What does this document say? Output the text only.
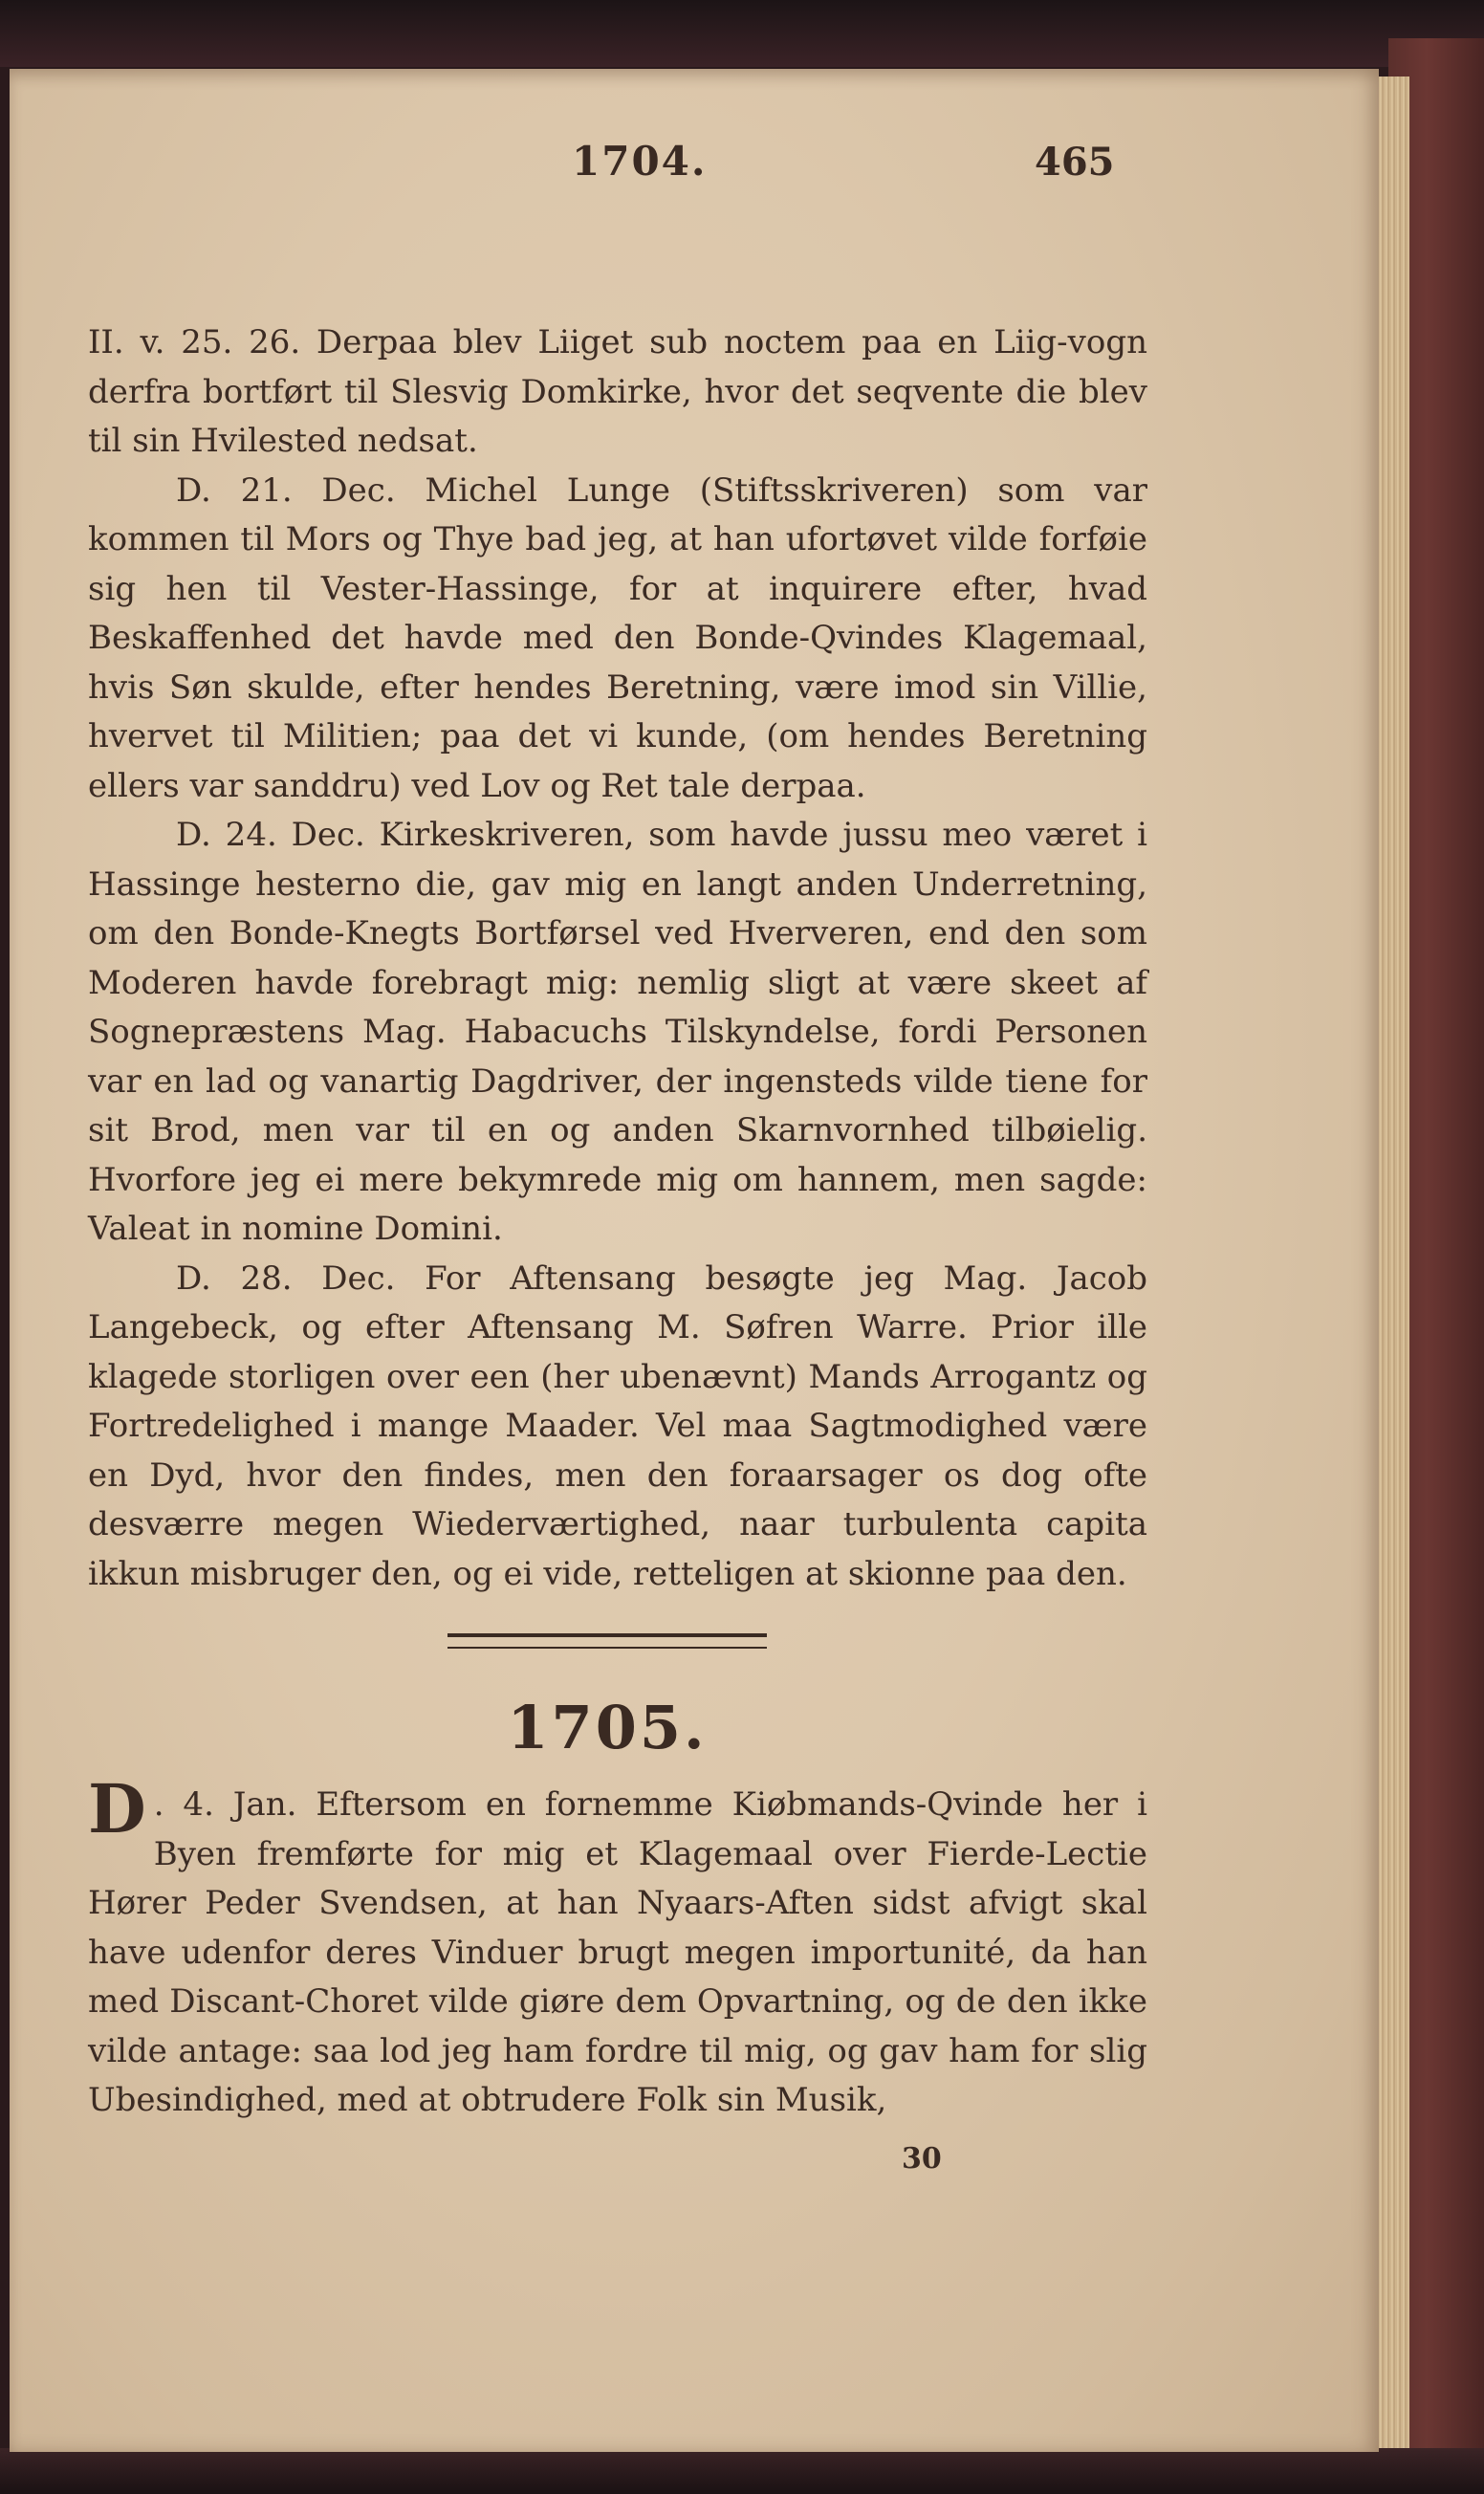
1704.	465

II. v. 25. 26. Derpaa blev Liiget sub noctem paa en Liig-vogn derfra bortført til Slesvig Domkirke, hvor det seqvente die blev til sin Hvilested nedsat.

D. 21. Dec. Michel Lunge (Stiftsskriveren) som var kommen til Mors og Thye bad jeg, at han ufortøvet vilde forføie sig hen til Vester-Hassinge, for at inquirere efter, hvad Beskaffenhed det havde med den Bonde-Qvindes Klagemaal, hvis Søn skulde, efter hendes Beretning, være imod sin Villie, hvervet til Militien; paa det vi kunde, (om hendes Beretning ellers var sanddru) ved Lov og Ret tale derpaa.

D. 24. Dec. Kirkeskriveren, som havde jussu meo været i Hassinge hesterno die, gav mig en langt anden Underretning, om den Bonde-Knegts Bortførsel ved Hververen, end den som Moderen havde forebragt mig: nemlig sligt at være skeet af Sognepræstens Mag. Habacuchs Tilskyndelse, fordi Personen var en lad og vanartig Dagdriver, der ingensteds vilde tiene for sit Brod, men var til en og anden Skarnvornhed tilbøielig. Hvorfore jeg ei mere bekymrede mig om hannem, men sagde: Valeat in nomine Domini.

D. 28. Dec. For Aftensang besøgte jeg Mag. Jacob Langebeck, og efter Aftensang M. Søfren Warre. Prior ille klagede storligen over een (her ubenævnt) Mands Arrogantz og Fortredelighed i mange Maader. Vel maa Sagtmodighed være en Dyd, hvor den findes, men den foraarsager os dog ofte desværre megen Wiederværtighed, naar turbulenta capita ikkun misbruger den, og ei vide, retteligen at skionne paa den.

1705.

D . 4. Jan. Eftersom en fornemme Kiøbmands-Qvinde her i Byen fremførte for mig et Klagemaal over Fierde-Lectie Hører Peder Svendsen, at han Nyaars-Aften sidst afvigt skal have udenfor deres Vinduer brugt megen importunité, da han med Discant-Choret vilde giøre dem Opvartning, og de den ikke vilde antage: saa lod jeg ham fordre til mig, og gav ham for slig Ubesindighed, med at obtrudere Folk sin Musik,

30
